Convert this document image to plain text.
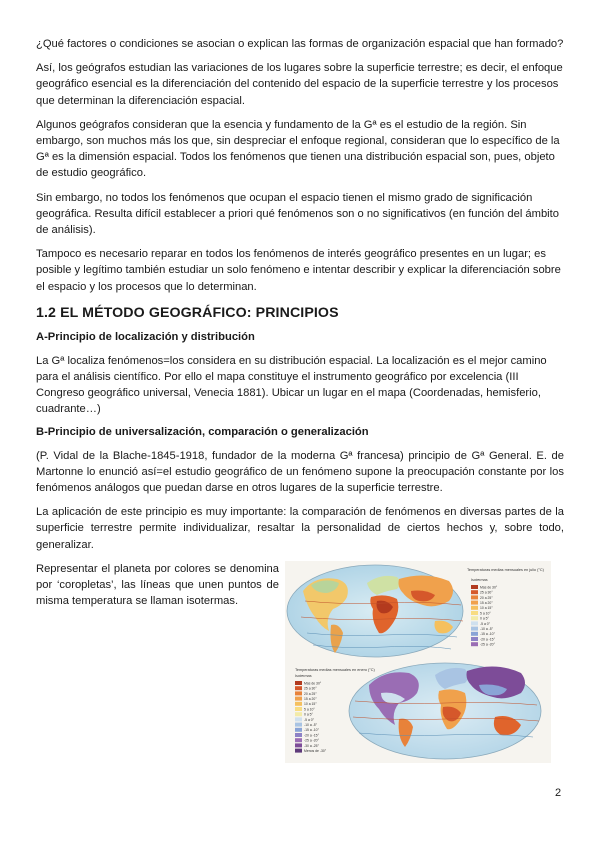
¿Qué factores o condiciones se asocian o explican las formas de organización espacial que han formado?

Así, los geógrafos estudian las variaciones de los lugares sobre la superficie terrestre; es decir, el enfoque geográfico esencial es la diferenciación del contenido del espacio de la superficie terrestre y los procesos que determinan la diferenciación espacial.

Algunos geógrafos consideran que la esencia y fundamento de la Gª es el estudio de la región. Sin embargo, son muchos más los que, sin despreciar el enfoque regional, consideran que lo específico de la Gª es la dimensión espacial. Todos los fenómenos que tienen una distribución espacial son, pues, objeto de estudio geográfico.

Sin embargo, no todos los fenómenos que ocupan el espacio tienen el mismo grado de significación geográfica. Resulta difícil establecer a priori qué fenómenos son o no significativos (en función del ámbito de análisis).

Tampoco es necesario reparar en todos los fenómenos de interés geográfico presentes en un lugar; es posible y legítimo también estudiar un solo fenómeno e intentar describir y explicar la diferenciación sobre el espacio y los procesos que lo determinan.

1.2 EL MÉTODO GEOGRÁFICO: PRINCIPIOS
A-Principio de localización y distribución

La Gª localiza fenómenos=los considera en su distribución espacial. La localización es el mejor camino para el análisis científico. Por ello el mapa constituye el instrumento geográfico por excelencia (III Congreso geográfico universal, Venecia 1881). Ubicar un lugar en el mapa (Coordenadas, hemisferio, cuadrante…)

B-Principio de universalización, comparación o generalización

(P. Vidal de la Blache-1845-1918, fundador de la moderna Gª francesa) principio de Gª General. E. de Martonne lo enunció así=el estudio geográfico de un fenómeno supone la preocupación constante por los fenómenos análogos que puedan darse en otros lugares de la superficie terrestre.

La aplicación de este principio es muy importante: la comparación de fenómenos en diversas partes de la superficie terrestre permite individualizar, resaltar la personalidad de ciertos hechos y, sobre todo, generalizar.

Representar el planeta por colores se denomina por ‘coropletas’, las líneas que unen puntos de misma temperatura se llaman isotermas.

Temperaturas medias mensuales en julio (°C)
Isotermas
Más de 30°
25 a 30°
20 a 25°
15 a 20°
10 a 15°
5 a 10°
0 a 5°
-5 a 0°
-10 a -5°
-15 a -10°
-20 a -15°
-25 a -20°
Temperaturas medias mensuales en enero (°C)
Isotermas
Más de 30°
25 a 30°
20 a 25°
15 a 20°
10 a 15°
5 a 10°
0 a 5°
-5 a 0°
-10 a -5°
-15 a -10°
-20 a -15°
-25 a -20°
-30 a -25°
Menos de -30°
2
